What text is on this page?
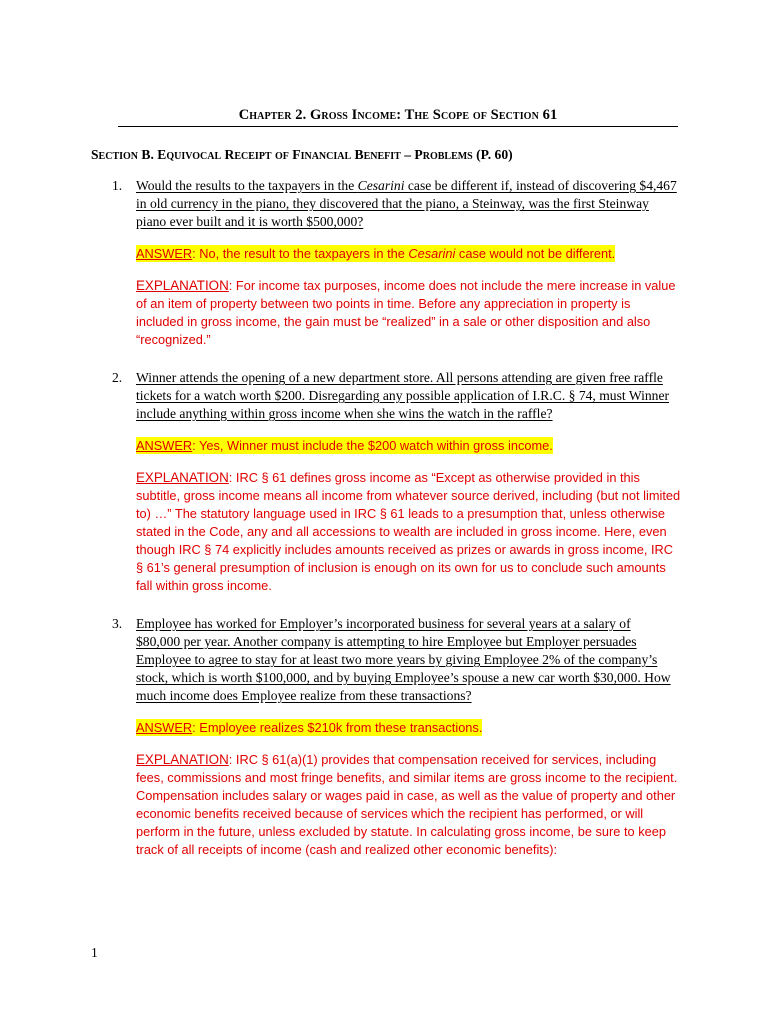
Chapter 2. Gross Income: The Scope of Section 61
Section B. Equivocal Receipt of Financial Benefit – Problems (P. 60)
1. Would the results to the taxpayers in the Cesarini case be different if, instead of discovering $4,467 in old currency in the piano, they discovered that the piano, a Steinway, was the first Steinway piano ever built and it is worth $500,000?

ANSWER: No, the result to the taxpayers in the Cesarini case would not be different.

EXPLANATION: For income tax purposes, income does not include the mere increase in value of an item of property between two points in time. Before any appreciation in property is included in gross income, the gain must be “realized” in a sale or other disposition and also “recognized.”

2. Winner attends the opening of a new department store. All persons attending are given free raffle tickets for a watch worth $200. Disregarding any possible application of I.R.C. § 74, must Winner include anything within gross income when she wins the watch in the raffle?

ANSWER: Yes, Winner must include the $200 watch within gross income.

EXPLANATION: IRC § 61 defines gross income as “Except as otherwise provided in this subtitle, gross income means all income from whatever source derived, including (but not limited to) …” The statutory language used in IRC § 61 leads to a presumption that, unless otherwise stated in the Code, any and all accessions to wealth are included in gross income. Here, even though IRC § 74 explicitly includes amounts received as prizes or awards in gross income, IRC § 61’s general presumption of inclusion is enough on its own for us to conclude such amounts fall within gross income.

3. Employee has worked for Employer’s incorporated business for several years at a salary of $80,000 per year. Another company is attempting to hire Employee but Employer persuades Employee to agree to stay for at least two more years by giving Employee 2% of the company’s stock, which is worth $100,000, and by buying Employee’s spouse a new car worth $30,000. How much income does Employee realize from these transactions?

ANSWER: Employee realizes $210k from these transactions.

EXPLANATION: IRC § 61(a)(1) provides that compensation received for services, including fees, commissions and most fringe benefits, and similar items are gross income to the recipient. Compensation includes salary or wages paid in case, as well as the value of property and other economic benefits received because of services which the recipient has performed, or will perform in the future, unless excluded by statute. In calculating gross income, be sure to keep track of all receipts of income (cash and realized other economic benefits):

1
